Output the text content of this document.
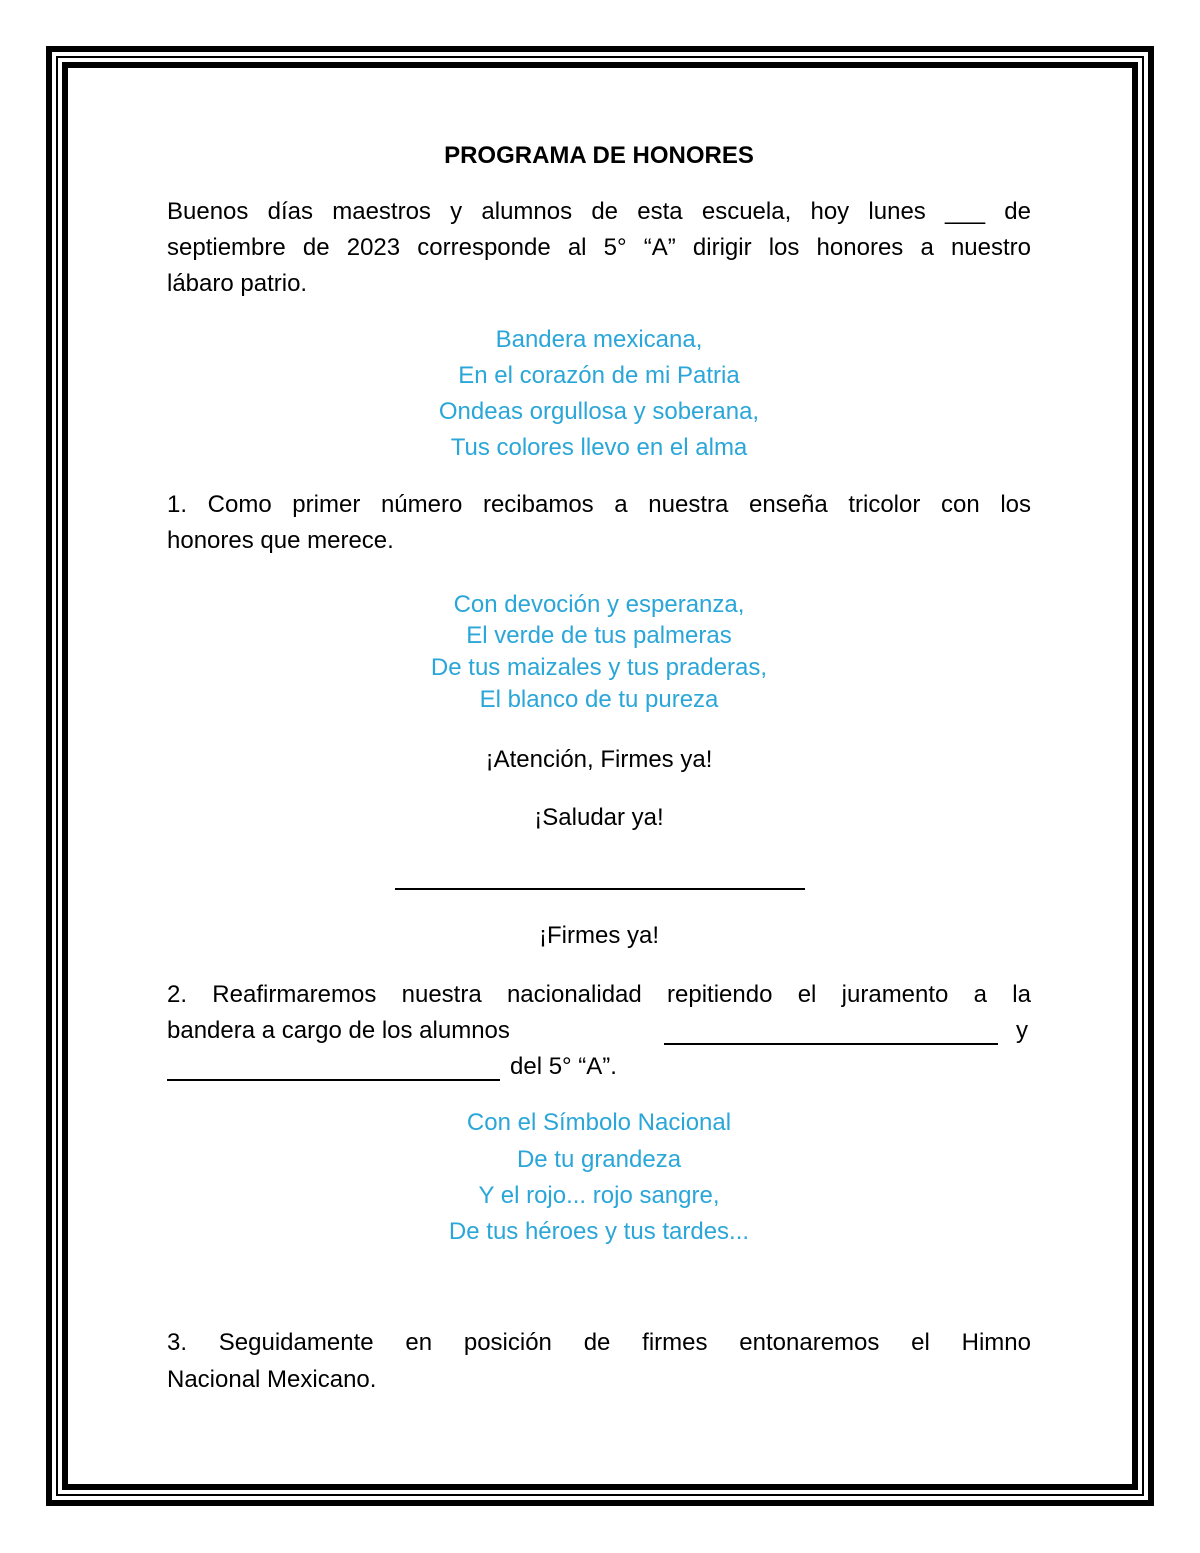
PROGRAMA DE HONORES
Buenos días maestros y alumnos de esta escuela, hoy lunes ___ de
septiembre de 2023 corresponde al 5° “A” dirigir los honores a nuestro
lábaro patrio.
Bandera mexicana,
En el corazón de mi Patria
Ondeas orgullosa y soberana,
Tus colores llevo en el alma
1. Como primer número recibamos a nuestra enseña tricolor con los
honores que merece.
Con devoción y esperanza,
El verde de tus palmeras
De tus maizales y tus praderas,
El blanco de tu pureza
¡Atención, Firmes ya!
¡Saludar ya!
¡Firmes ya!
2. Reafirmaremos nuestra nacionalidad repitiendo el juramento a la
bandera a cargo de los alumnos	y
del 5° “A”.
Con el Símbolo Nacional
De tu grandeza
Y el rojo... rojo sangre,
De tus héroes y tus tardes...
3. Seguidamente en posición de firmes entonaremos el Himno
Nacional Mexicano.
